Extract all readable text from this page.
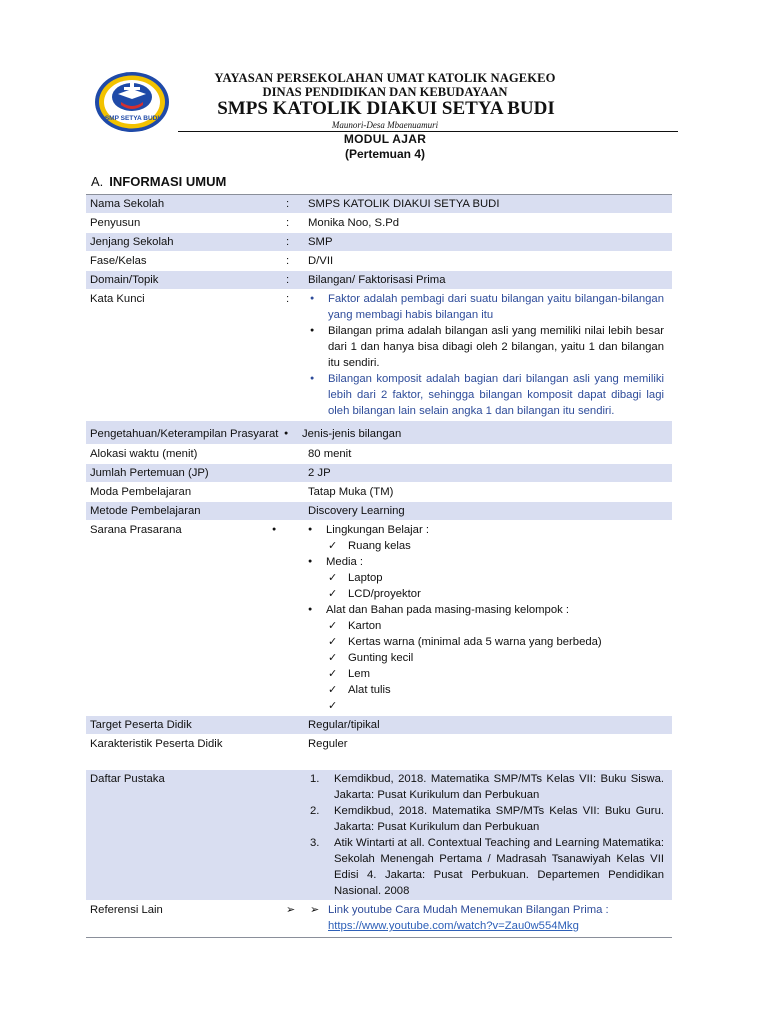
SMP SETYA BUDI
YAYASAN PERSEKOLAHAN UMAT KATOLIK NAGEKEO
DINAS PENDIDIKAN DAN KEBUDAYAAN
SMPS KATOLIK DIAKUI SETYA BUDI
Maunori-Desa Mbaenuamuri
MODUL AJAR
(Pertemuan 4)
A. INFORMASI UMUM
Nama Sekolah	:	SMPS KATOLIK DIAKUI SETYA BUDI
Penyusun	:	Monika Noo, S.Pd
Jenjang Sekolah	:	SMP
Fase/Kelas	:	D/VII
Domain/Topik	:	Bilangan/ Faktorisasi Prima
Kata Kunci	:	● Faktor adalah pembagi dari suatu bilangan yaitu bilangan-bilangan yang membagi habis bilangan itu
● Bilangan prima adalah bilangan asli yang memiliki nilai lebih besar dari 1 dan hanya bisa dibagi oleh 2 bilangan, yaitu 1 dan bilangan itu sendiri.
● Bilangan komposit adalah bagian dari bilangan asli yang memiliki lebih dari 2 faktor, sehingga bilangan komposit dapat dibagi lagi oleh bilangan lain selain angka 1 dan bilangan itu sendiri.
Pengetahuan/Keterampilan Prasyarat	● Jenis-jenis bilangan
Alokasi waktu (menit)	80 menit
Jumlah Pertemuan (JP)	2 JP
Moda Pembelajaran	Tatap Muka (TM)
Metode Pembelajaran	Discovery Learning
Sarana Prasarana	●	● Lingkungan Belajar :
✓ Ruang kelas
● Media :
✓ Laptop
✓ LCD/proyektor
● Alat dan Bahan pada masing-masing kelompok :
✓ Karton
✓ Kertas warna (minimal ada 5 warna yang berbeda)
✓ Gunting kecil
✓ Lem
✓ Alat tulis
✓
Target Peserta Didik	Regular/tipikal
Karakteristik Peserta Didik	Reguler
Daftar Pustaka	1. Kemdikbud, 2018. Matematika SMP/MTs Kelas VII: Buku Siswa. Jakarta: Pusat Kurikulum dan Perbukuan
2. Kemdikbud, 2018. Matematika SMP/MTs Kelas VII: Buku Guru. Jakarta: Pusat Kurikulum dan Perbukuan
3. Atik Wintarti at all. Contextual Teaching and Learning Matematika: Sekolah Menengah Pertama / Madrasah Tsanawiyah Kelas VII Edisi 4. Jakarta: Pusat Perbukuan. Departemen Pendidikan Nasional. 2008
Referensi Lain	➢	➢ Link youtube Cara Mudah Menemukan Bilangan Prima :
https://www.youtube.com/watch?v=Zau0w554Mkg
